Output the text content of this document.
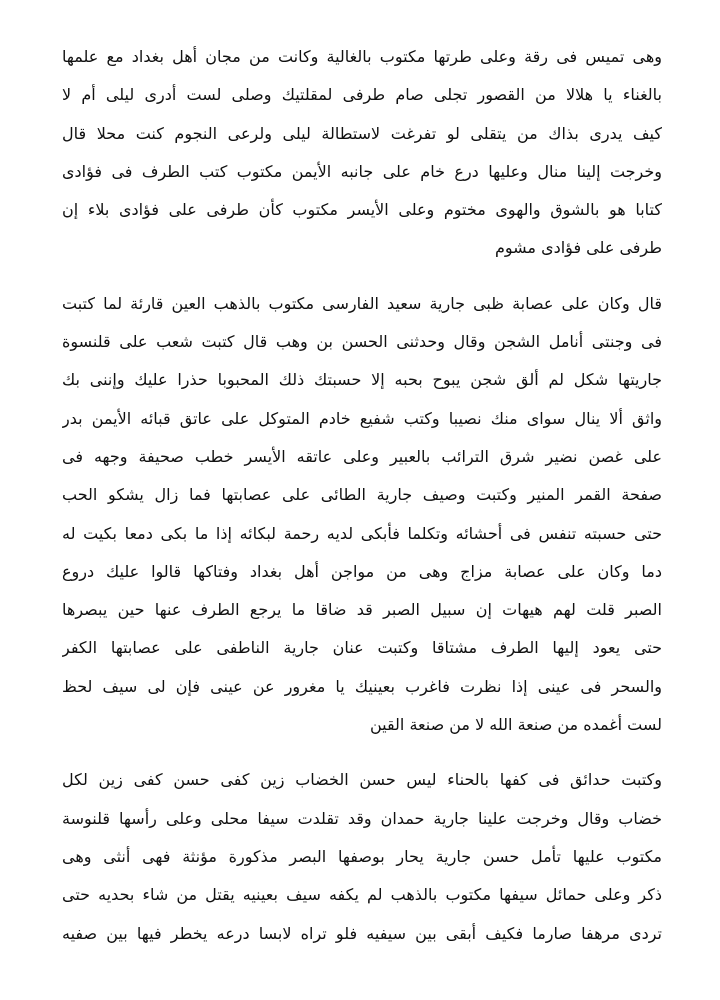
وهى تميس فى رقة وعلى طرتها مكتوب بالغالية وكانت من مجان أهل بغداد مع علمها
بالغناء يا هلالا من القصور تجلى صام طرفى لمقلتيك وصلى لست أدرى ليلى أم لا
كيف يدرى بذاك من يتقلى لو تفرغت لاستطالة ليلى ولرعى النجوم كنت محلا قال
وخرجت إلينا منال وعليها درع خام على جانبه الأيمن مكتوب كتب الطرف فى فؤادى
كتابا هو بالشوق والهوى مختوم وعلى الأيسر مكتوب كأن طرفى على فؤادى بلاء إن
طرفى على فؤادى مشوم
قال وكان على عصابة ظبى جارية سعيد الفارسى مكتوب بالذهب العين قارئة لما كتبت
فى وجنتى أنامل الشجن وقال وحدثنى الحسن بن وهب قال كتبت شعب على قلنسوة
جاريتها شكل لم ألق شجن يبوح بحبه إلا حسبتك ذلك المحبوبا حذرا عليك وإننى بك
واثق ألا ينال سواى منك نصيبا وكتب شفيع خادم المتوكل على عاتق قبائه الأيمن بدر
على غصن نضير شرق الترائب بالعبير وعلى عاتقه الأيسر خطب صحيفة وجهه فى
صفحة القمر المنير وكتبت وصيف جارية الطائى على عصابتها فما زال يشكو الحب
حتى حسبته تنفس فى أحشائه وتكلما فأبكى لديه رحمة لبكائه إذا ما بكى دمعا بكيت له
دما وكان على عصابة مزاج وهى من مواجن أهل بغداد وفتاكها قالوا عليك دروع
الصبر قلت لهم هيهات إن سبيل الصبر قد ضاقا ما يرجع الطرف عنها حين يبصرها
حتى يعود إليها الطرف مشتاقا وكتبت عنان جارية الناطفى على عصابتها الكفر
والسحر فى عينى إذا نظرت فاغرب بعينيك يا مغرور عن عينى فإن لى سيف لحظ
لست أغمده من صنعة الله لا من صنعة القين
وكتبت حدائق فى كفها بالحناء ليس حسن الخضاب زين كفى حسن كفى زين لكل
خضاب وقال وخرجت علينا جارية حمدان وقد تقلدت سيفا محلى وعلى رأسها قلنوسة
مكتوب عليها تأمل حسن جارية يحار بوصفها البصر مذكورة مؤنثة فهى أنثى وهى
ذكر وعلى حمائل سيفها مكتوب بالذهب لم يكفه سيف بعينيه يقتل من شاء بحديه حتى
تردى مرهفا صارما فكيف أبقى بين سيفيه فلو تراه لابسا درعه يخطر فيها بين صفيه
